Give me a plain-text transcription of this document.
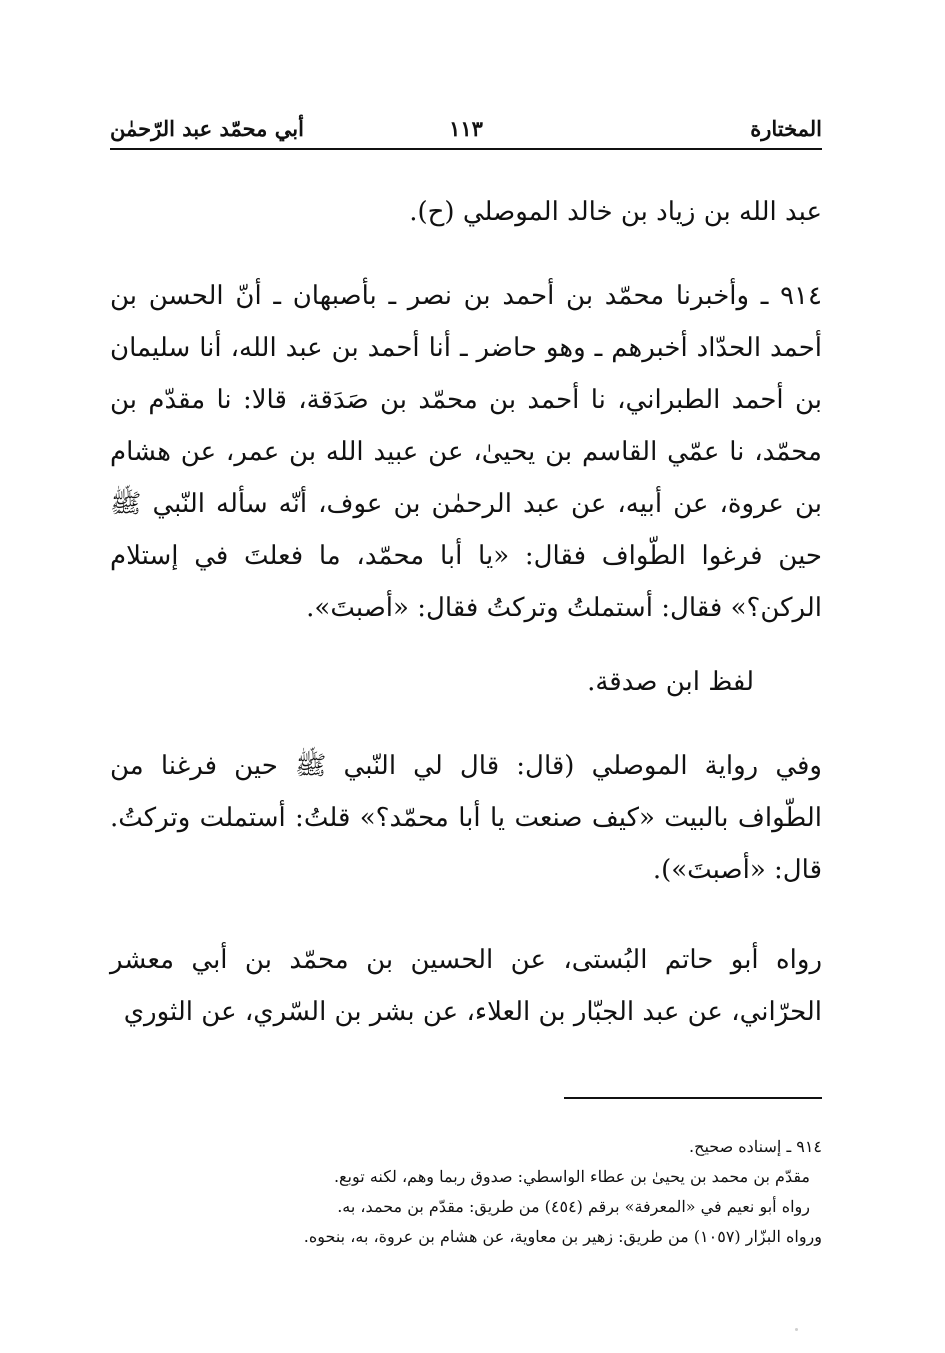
المختارة
١١٣
أبي محمّد عبد الرّحمٰن

عبد الله بن زياد بن خالد الموصلي (ح).

٩١٤ ـ وأخبرنا محمّد بن أحمد بن نصر ـ بأصبهان ـ أنّ الحسن بن أحمد الحدّاد أخبرهم ـ وهو حاضر ـ أنا أحمد بن عبد الله، أنا سليمان بن أحمد الطبراني، نا أحمد بن محمّد بن صَدَقة، قالا: نا مقدّم بن محمّد، نا عمّي القاسم بن يحيىٰ، عن عبيد الله بن عمر، عن هشام بن عروة، عن أبيه، عن عبد الرحمٰن بن عوف، أنّه سأله النّبي ﷺ حين فرغوا الطّواف فقال: «يا أبا محمّد، ما فعلتَ في إستلام الركن؟» فقال: أستملتُ وتركتُ فقال: «أصبتَ».

لفظ ابن صدقة.

وفي رواية الموصلي (قال: قال لي النّبي ﷺ حين فرغنا من الطّواف بالبيت «كيف صنعت يا أبا محمّد؟» قلتُ: أستملت وتركتُ. قال: «أصبتَ»).

رواه أبو حاتم البُستى، عن الحسين بن محمّد بن أبي معشر الحرّاني، عن عبد الجبّار بن العلاء، عن بشر بن السّري، عن الثوري

٩١٤ ـ إسناده صحيح.
مقدّم بن محمد بن يحيىٰ بن عطاء الواسطي: صدوق ربما وهم، لكنه توبع.
رواه أبو نعيم في «المعرفة» برقم (٤٥٤) من طريق: مقدّم بن محمد، به.
ورواه البزّار (١٠٥٧) من طريق: زهير بن معاوية، عن هشام بن عروة، به، بنحوه.
